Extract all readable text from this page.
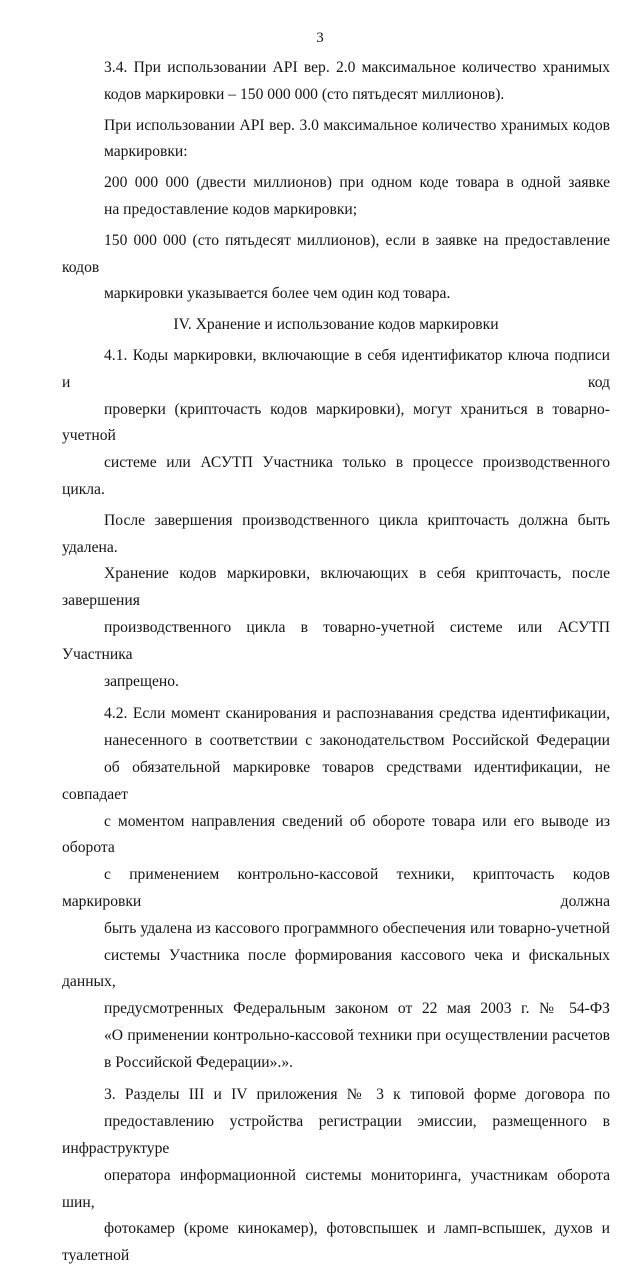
3

3.4. При использовании API вер. 2.0 максимальное количество хранимых
кодов маркировки – 150 000 000 (сто пятьдесят миллионов).

При использовании API вер. 3.0 максимальное количество хранимых кодов
маркировки:

200 000 000 (двести миллионов) при одном коде товара в одной заявке
на предоставление кодов маркировки;

150 000 000 (сто пятьдесят миллионов), если в заявке на предоставление кодов
маркировки указывается более чем один код товара.

IV. Хранение и использование кодов маркировки

4.1. Коды маркировки, включающие в себя идентификатор ключа подписи и код
проверки (крипточасть кодов маркировки), могут храниться в товарно-учетной
системе или АСУТП Участника только в процессе производственного цикла.

После завершения производственного цикла крипточасть должна быть удалена.
Хранение кодов маркировки, включающих в себя крипточасть, после завершения
производственного цикла в товарно-учетной системе или АСУТП Участника
запрещено.

4.2. Если момент сканирования и распознавания средства идентификации,
нанесенного в соответствии с законодательством Российской Федерации
об обязательной маркировке товаров средствами идентификации, не совпадает
с моментом направления сведений об обороте товара или его выводе из оборота
с применением контрольно-кассовой техники, крипточасть кодов маркировки должна
быть удалена из кассового программного обеспечения или товарно-учетной
системы Участника после формирования кассового чека и фискальных данных,
предусмотренных Федеральным законом от 22 мая 2003 г. № 54-ФЗ
«О применении контрольно-кассовой техники при осуществлении расчетов
в Российской Федерации».».

3. Разделы III и IV приложения № 3 к типовой форме договора по
предоставлению устройства регистрации эмиссии, размещенного в инфраструктуре
оператора информационной системы мониторинга, участникам оборота шин,
фотокамер (кроме кинокамер), фотовспышек и ламп-вспышек, духов и туалетной
